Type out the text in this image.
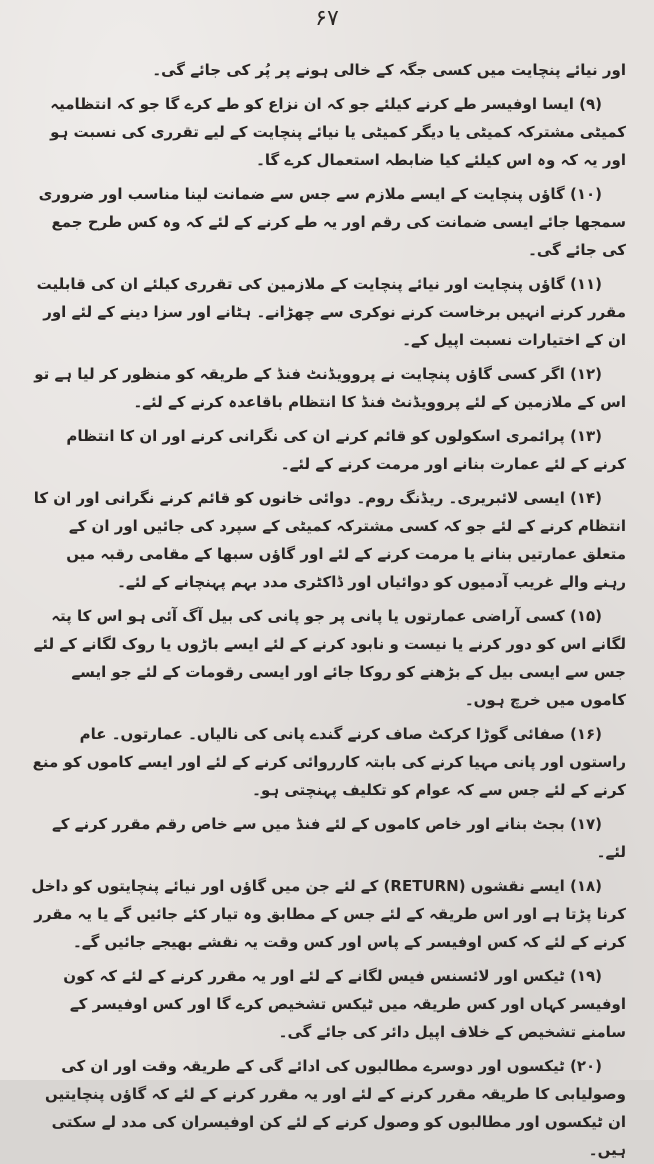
۶۷

اور نیائے پنچایت میں کسی جگہ کے خالی ہونے پر پُر کی جائے گی۔

(۹) ایسا اوفیسر طے کرنے کیلئے جو کہ ان نزاع کو طے کرے گا جو کہ انتظامیہ کمیٹی مشترکہ کمیٹی یا دیگر کمیٹی یا نیائے پنچایت کے لیے تقرری کی نسبت ہو اور یہ کہ وہ اس کیلئے کیا ضابطہ استعمال کرے گا۔

(۱۰) گاؤں پنچایت کے ایسے ملازم سے جس سے ضمانت لینا مناسب اور ضروری سمجھا جائے ایسی ضمانت کی رقم اور یہ طے کرنے کے لئے کہ وہ کس طرح جمع کی جائے گی۔

(۱۱) گاؤں پنچایت اور نیائے پنچایت کے ملازمین کی تقرری کیلئے ان کی قابلیت مقرر کرنے انہیں برخاست کرنے نوکری سے چھڑانے۔ ہٹانے اور سزا دینے کے لئے اور ان کے اختیارات نسبت اپیل کے۔

(۱۲) اگر کسی گاؤں پنچایت نے پروویڈنٹ فنڈ کے طریقہ کو منظور کر لیا ہے تو اس کے ملازمین کے لئے پروویڈنٹ فنڈ کا انتظام باقاعدہ کرنے کے لئے۔

(۱۳) پرائمری اسکولوں کو قائم کرنے ان کی نگرانی کرنے اور ان کا انتظام کرنے کے لئے عمارت بنانے اور مرمت کرنے کے لئے۔

(۱۴) ایسی لائبریری۔ ریڈنگ روم۔ دوائی خانوں کو قائم کرنے نگرانی اور ان کا انتظام کرنے کے لئے جو کہ کسی مشترکہ کمیٹی کے سپرد کی جائیں اور ان کے متعلق عمارتیں بنانے یا مرمت کرنے کے لئے اور گاؤں سبھا کے مقامی رقبہ میں رہنے والے غریب آدمیوں کو دوائیاں اور ڈاکٹری مدد بہم پہنچانے کے لئے۔

(۱۵) کسی آراضی عمارتوں یا پانی پر جو پانی کی بیل آگ آئی ہو اس کا پتہ لگانے اس کو دور کرنے یا نیست و نابود کرنے کے لئے ایسے باڑوں یا روک لگانے کے لئے جس سے ایسی بیل کے بڑھنے کو روکا جائے اور ایسی رقومات کے لئے جو ایسے کاموں میں خرچ ہوں۔

(۱۶) صفائی گوڑا کرکٹ صاف کرنے گندے پانی کی نالیاں۔ عمارتوں۔ عام راستوں اور پانی مہیا کرنے کی بابتہ کارروائی کرنے کے لئے اور ایسے کاموں کو منع کرنے کے لئے جس سے کہ عوام کو تکلیف پہنچتی ہو۔

(۱۷) بجٹ بنانے اور خاص کاموں کے لئے فنڈ میں سے خاص رقم مقرر کرنے کے لئے۔

(۱۸) ایسے نقشوں (RETURN) کے لئے جن میں گاؤں اور نیائے پنچایتوں کو داخل کرنا پڑتا ہے اور اس طریقہ کے لئے جس کے مطابق وہ تیار کئے جائیں گے یا یہ مقرر کرنے کے لئے کہ کس اوفیسر کے پاس اور کس وقت یہ نقشے بھیجے جائیں گے۔

(۱۹) ٹیکس اور لائسنس فیس لگانے کے لئے اور یہ مقرر کرنے کے لئے کہ کون اوفیسر کہاں اور کس طریقہ میں ٹیکس تشخیص کرے گا اور کس اوفیسر کے سامنے تشخیص کے خلاف اپیل دائر کی جائے گی۔

(۲۰) ٹیکسوں اور دوسرے مطالبوں کی ادائے گی کے طریقہ وقت اور ان کی وصولیابی کا طریقہ مقرر کرنے کے لئے اور یہ مقرر کرنے کے لئے کہ گاؤں پنچایتیں ان ٹیکسوں اور مطالبوں کو وصول کرنے کے لئے کن اوفیسران کی مدد لے سکتی ہیں۔
